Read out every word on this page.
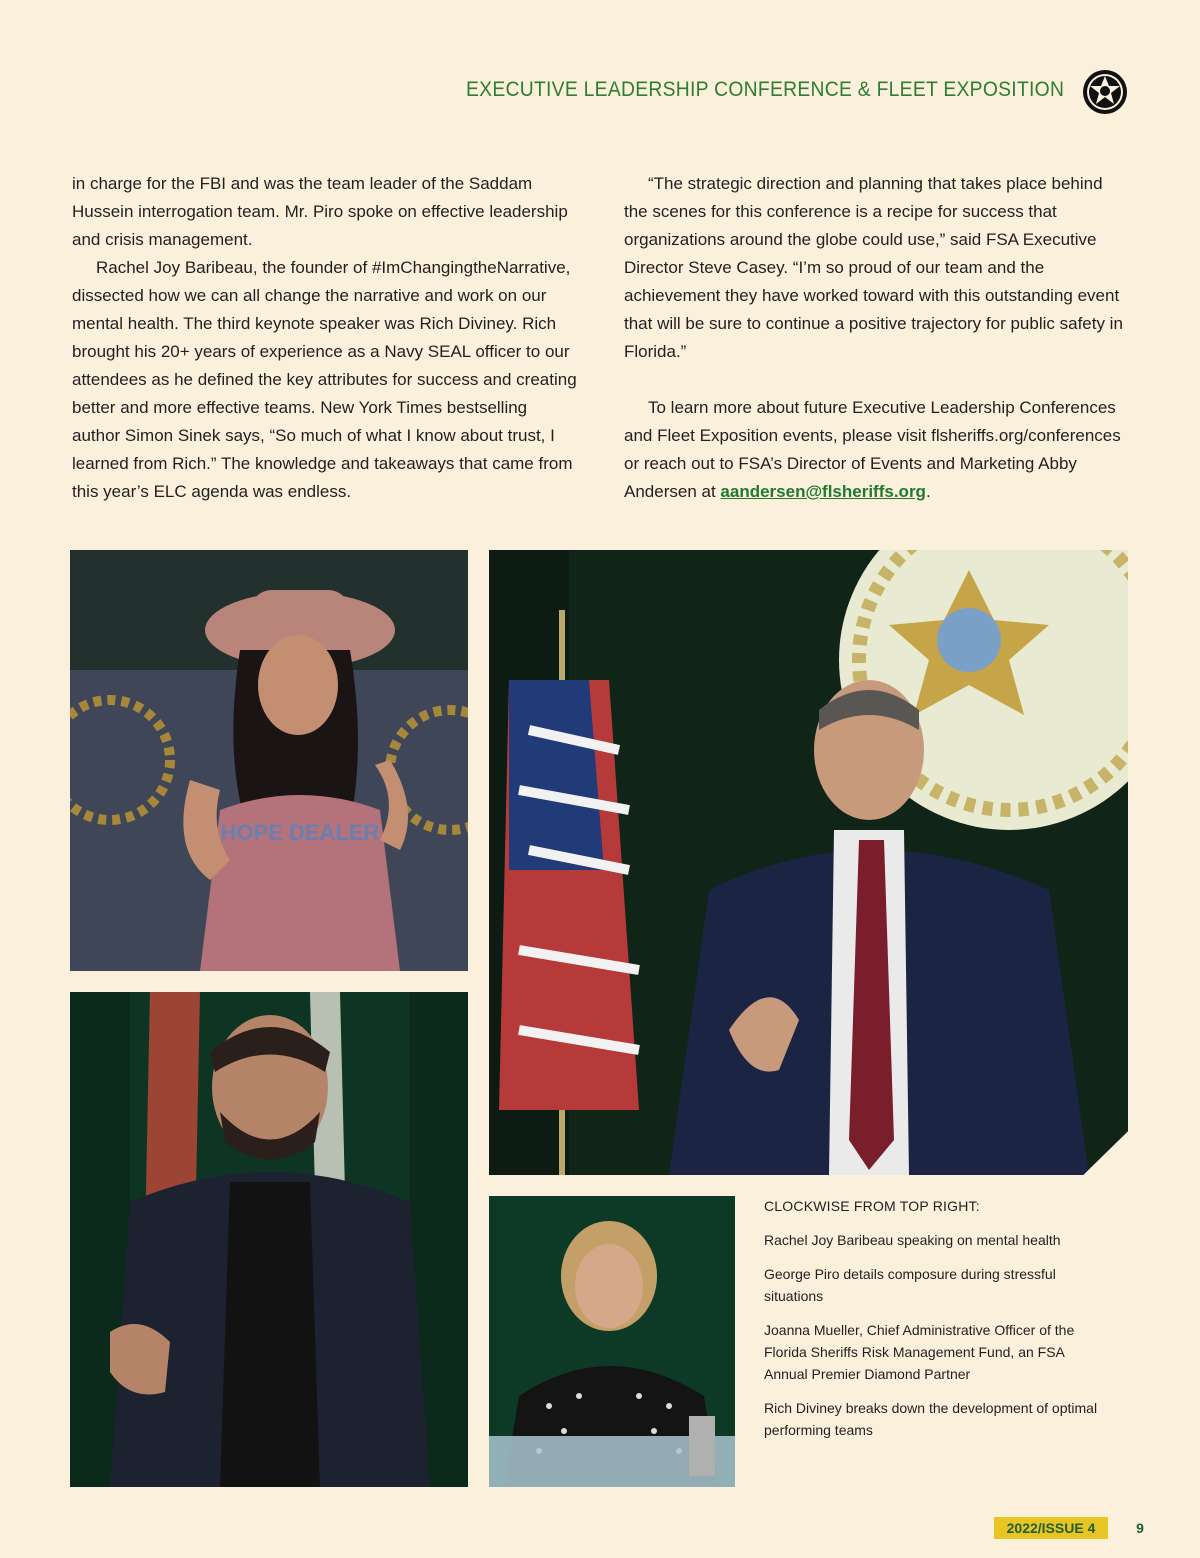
EXECUTIVE LEADERSHIP CONFERENCE & FLEET EXPOSITION

in charge for the FBI and was the team leader of the Saddam Hussein interrogation team. Mr. Piro spoke on effective leadership and crisis management.

Rachel Joy Baribeau, the founder of #ImChangingtheNarrative, dissected how we can all change the narrative and work on our mental health. The third keynote speaker was Rich Diviney. Rich brought his 20+ years of experience as a Navy SEAL officer to our attendees as he defined the key attributes for success and creating better and more effective teams. New York Times bestselling author Simon Sinek says, “So much of what I know about trust, I learned from Rich.” The knowledge and takeaways that came from this year’s ELC agenda was endless.

“The strategic direction and planning that takes place behind the scenes for this conference is a recipe for success that organizations around the globe could use,” said FSA Executive Director Steve Casey. “I’m so proud of our team and the achievement they have worked toward with this outstanding event that will be sure to continue a positive trajectory for public safety in Florida.”

To learn more about future Executive Leadership Conferences and Fleet Exposition events, please visit flsheriffs.org/conferences or reach out to FSA’s Director of Events and Marketing Abby Andersen at aandersen@flsheriffs.org.

HOPE DEALER

CLOCKWISE FROM TOP RIGHT:

Rachel Joy Baribeau speaking on mental health

George Piro details composure during stressful situations

Joanna Mueller, Chief Administrative Officer of the Florida Sheriffs Risk Management Fund, an FSA Annual Premier Diamond Partner

Rich Diviney breaks down the development of optimal performing teams

2022/ISSUE 4	9
